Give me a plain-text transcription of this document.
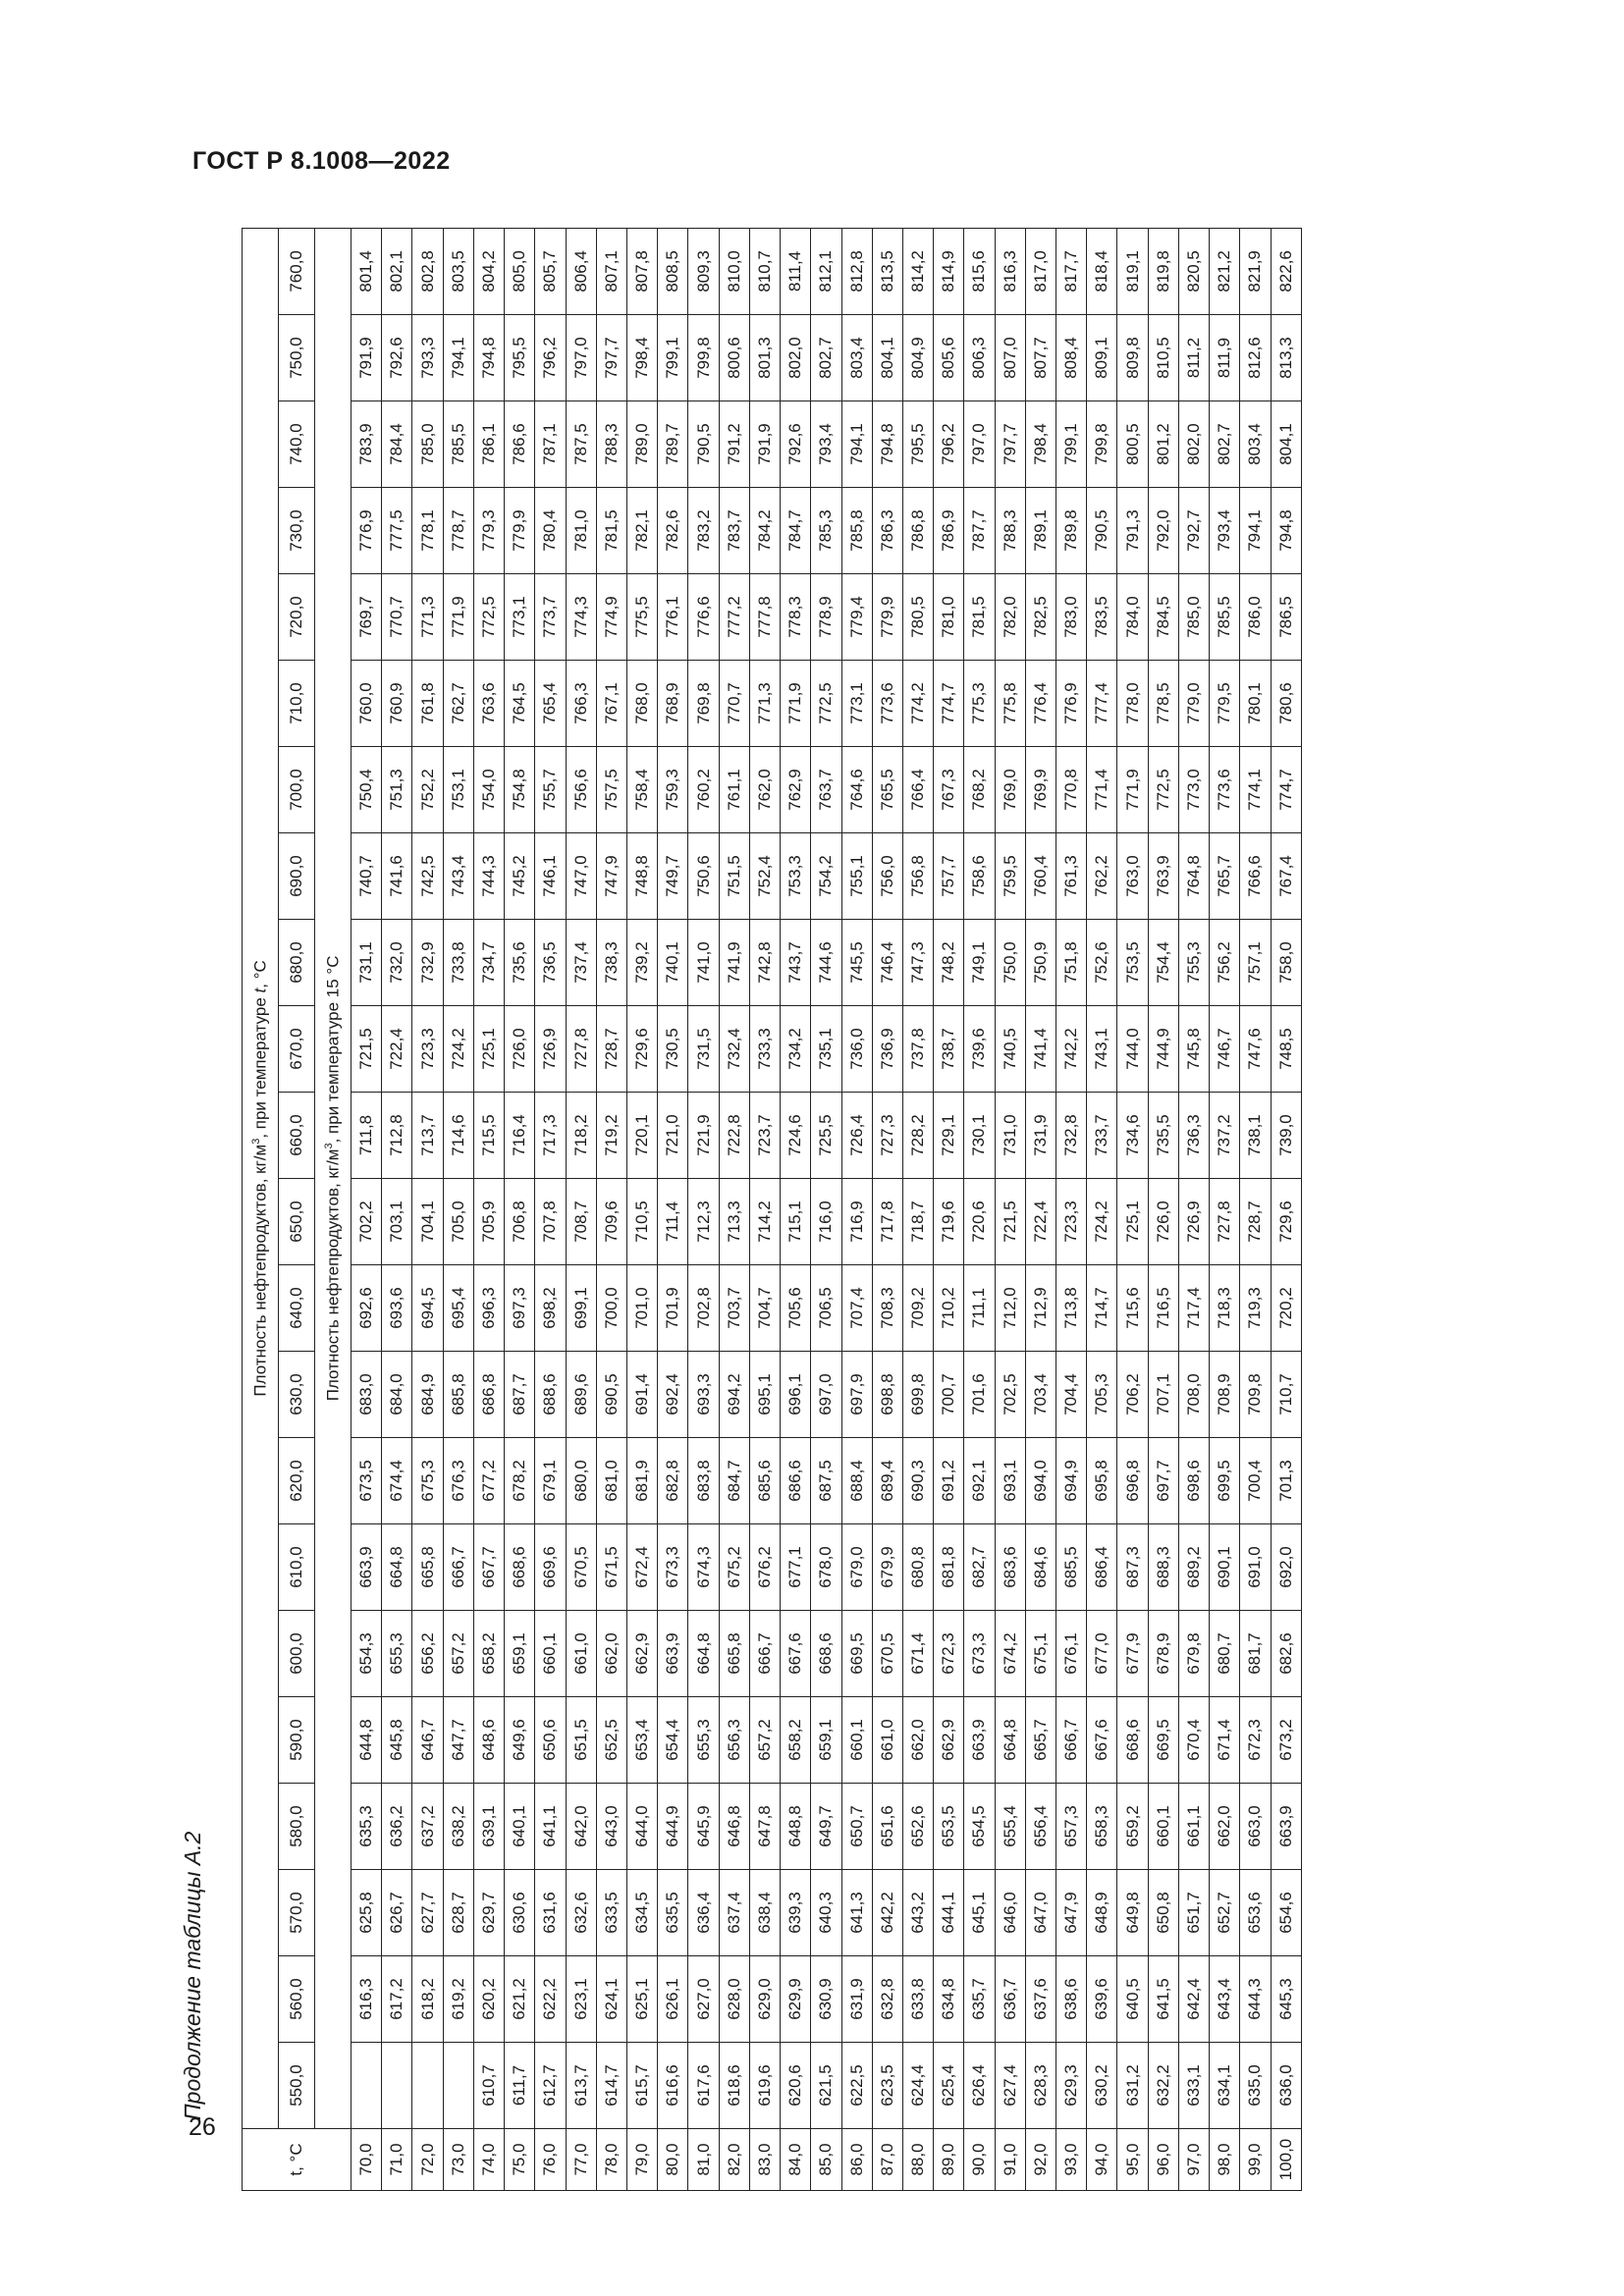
ГОСТ Р 8.1008—2022
26
Продолжение таблицы А.2
t, °C	Плотность нефтепродуктов, $кг/м^3$, при температуре t, °C																					
	550,0	560,0	570,0	580,0	590,0	600,0	610,0	620,0	630,0	640,0	650,0	660,0	670,0	680,0	690,0	700,0	710,0	720,0	730,0	740,0	750,0	760,0
	Плотность нефтепродуктов, $кг/м^3$, при температуре 15 °C																					
70,0		616,3	625,8	635,3	644,8	654,3	663,9	673,5	683,0	692,6	702,2	711,8	721,5	731,1	740,7	750,4	760,0	769,7	776,9	783,9	791,9	801,4
71,0		617,2	626,7	636,2	645,8	655,3	664,8	674,4	684,0	693,6	703,1	712,8	722,4	732,0	741,6	751,3	760,9	770,7	777,5	784,4	792,6	802,1
72,0		618,2	627,7	637,2	646,7	656,2	665,8	675,3	684,9	694,5	704,1	713,7	723,3	732,9	742,5	752,2	761,8	771,3	778,1	785,0	793,3	802,8
73,0		619,2	628,7	638,2	647,7	657,2	666,7	676,3	685,8	695,4	705,0	714,6	724,2	733,8	743,4	753,1	762,7	771,9	778,7	785,5	794,1	803,5
74,0	610,7	620,2	629,7	639,1	648,6	658,2	667,7	677,2	686,8	696,3	705,9	715,5	725,1	734,7	744,3	754,0	763,6	772,5	779,3	786,1	794,8	804,2
75,0	611,7	621,2	630,6	640,1	649,6	659,1	668,6	678,2	687,7	697,3	706,8	716,4	726,0	735,6	745,2	754,8	764,5	773,1	779,9	786,6	795,5	805,0
76,0	612,7	622,2	631,6	641,1	650,6	660,1	669,6	679,1	688,6	698,2	707,8	717,3	726,9	736,5	746,1	755,7	765,4	773,7	780,4	787,1	796,2	805,7
77,0	613,7	623,1	632,6	642,0	651,5	661,0	670,5	680,0	689,6	699,1	708,7	718,2	727,8	737,4	747,0	756,6	766,3	774,3	781,0	787,5	797,0	806,4
78,0	614,7	624,1	633,5	643,0	652,5	662,0	671,5	681,0	690,5	700,0	709,6	719,2	728,7	738,3	747,9	757,5	767,1	774,9	781,5	788,3	797,7	807,1
79,0	615,7	625,1	634,5	644,0	653,4	662,9	672,4	681,9	691,4	701,0	710,5	720,1	729,6	739,2	748,8	758,4	768,0	775,5	782,1	789,0	798,4	807,8
80,0	616,6	626,1	635,5	644,9	654,4	663,9	673,3	682,8	692,4	701,9	711,4	721,0	730,5	740,1	749,7	759,3	768,9	776,1	782,6	789,7	799,1	808,5
81,0	617,6	627,0	636,4	645,9	655,3	664,8	674,3	683,8	693,3	702,8	712,3	721,9	731,5	741,0	750,6	760,2	769,8	776,6	783,2	790,5	799,8	809,3
82,0	618,6	628,0	637,4	646,8	656,3	665,8	675,2	684,7	694,2	703,7	713,3	722,8	732,4	741,9	751,5	761,1	770,7	777,2	783,7	791,2	800,6	810,0
83,0	619,6	629,0	638,4	647,8	657,2	666,7	676,2	685,6	695,1	704,7	714,2	723,7	733,3	742,8	752,4	762,0	771,3	777,8	784,2	791,9	801,3	810,7
84,0	620,6	629,9	639,3	648,8	658,2	667,6	677,1	686,6	696,1	705,6	715,1	724,6	734,2	743,7	753,3	762,9	771,9	778,3	784,7	792,6	802,0	811,4
85,0	621,5	630,9	640,3	649,7	659,1	668,6	678,0	687,5	697,0	706,5	716,0	725,5	735,1	744,6	754,2	763,7	772,5	778,9	785,3	793,4	802,7	812,1
86,0	622,5	631,9	641,3	650,7	660,1	669,5	679,0	688,4	697,9	707,4	716,9	726,4	736,0	745,5	755,1	764,6	773,1	779,4	785,8	794,1	803,4	812,8
87,0	623,5	632,8	642,2	651,6	661,0	670,5	679,9	689,4	698,8	708,3	717,8	727,3	736,9	746,4	756,0	765,5	773,6	779,9	786,3	794,8	804,1	813,5
88,0	624,4	633,8	643,2	652,6	662,0	671,4	680,8	690,3	699,8	709,2	718,7	728,2	737,8	747,3	756,8	766,4	774,2	780,5	786,8	795,5	804,9	814,2
89,0	625,4	634,8	644,1	653,5	662,9	672,3	681,8	691,2	700,7	710,2	719,6	729,1	738,7	748,2	757,7	767,3	774,7	781,0	786,9	796,2	805,6	814,9
90,0	626,4	635,7	645,1	654,5	663,9	673,3	682,7	692,1	701,6	711,1	720,6	730,1	739,6	749,1	758,6	768,2	775,3	781,5	787,7	797,0	806,3	815,6
91,0	627,4	636,7	646,0	655,4	664,8	674,2	683,6	693,1	702,5	712,0	721,5	731,0	740,5	750,0	759,5	769,0	775,8	782,0	788,3	797,7	807,0	816,3
92,0	628,3	637,6	647,0	656,4	665,7	675,1	684,6	694,0	703,4	712,9	722,4	731,9	741,4	750,9	760,4	769,9	776,4	782,5	789,1	798,4	807,7	817,0
93,0	629,3	638,6	647,9	657,3	666,7	676,1	685,5	694,9	704,4	713,8	723,3	732,8	742,2	751,8	761,3	770,8	776,9	783,0	789,8	799,1	808,4	817,7
94,0	630,2	639,6	648,9	658,3	667,6	677,0	686,4	695,8	705,3	714,7	724,2	733,7	743,1	752,6	762,2	771,4	777,4	783,5	790,5	799,8	809,1	818,4
95,0	631,2	640,5	649,8	659,2	668,6	677,9	687,3	696,8	706,2	715,6	725,1	734,6	744,0	753,5	763,0	771,9	778,0	784,0	791,3	800,5	809,8	819,1
96,0	632,2	641,5	650,8	660,1	669,5	678,9	688,3	697,7	707,1	716,5	726,0	735,5	744,9	754,4	763,9	772,5	778,5	784,5	792,0	801,2	810,5	819,8
97,0	633,1	642,4	651,7	661,1	670,4	679,8	689,2	698,6	708,0	717,4	726,9	736,3	745,8	755,3	764,8	773,0	779,0	785,0	792,7	802,0	811,2	820,5
98,0	634,1	643,4	652,7	662,0	671,4	680,7	690,1	699,5	708,9	718,3	727,8	737,2	746,7	756,2	765,7	773,6	779,5	785,5	793,4	802,7	811,9	821,2
99,0	635,0	644,3	653,6	663,0	672,3	681,7	691,0	700,4	709,8	719,3	728,7	738,1	747,6	757,1	766,6	774,1	780,1	786,0	794,1	803,4	812,6	821,9
100,0	636,0	645,3	654,6	663,9	673,2	682,6	692,0	701,3	710,7	720,2	729,6	739,0	748,5	758,0	767,4	774,7	780,6	786,5	794,8	804,1	813,3	822,6
